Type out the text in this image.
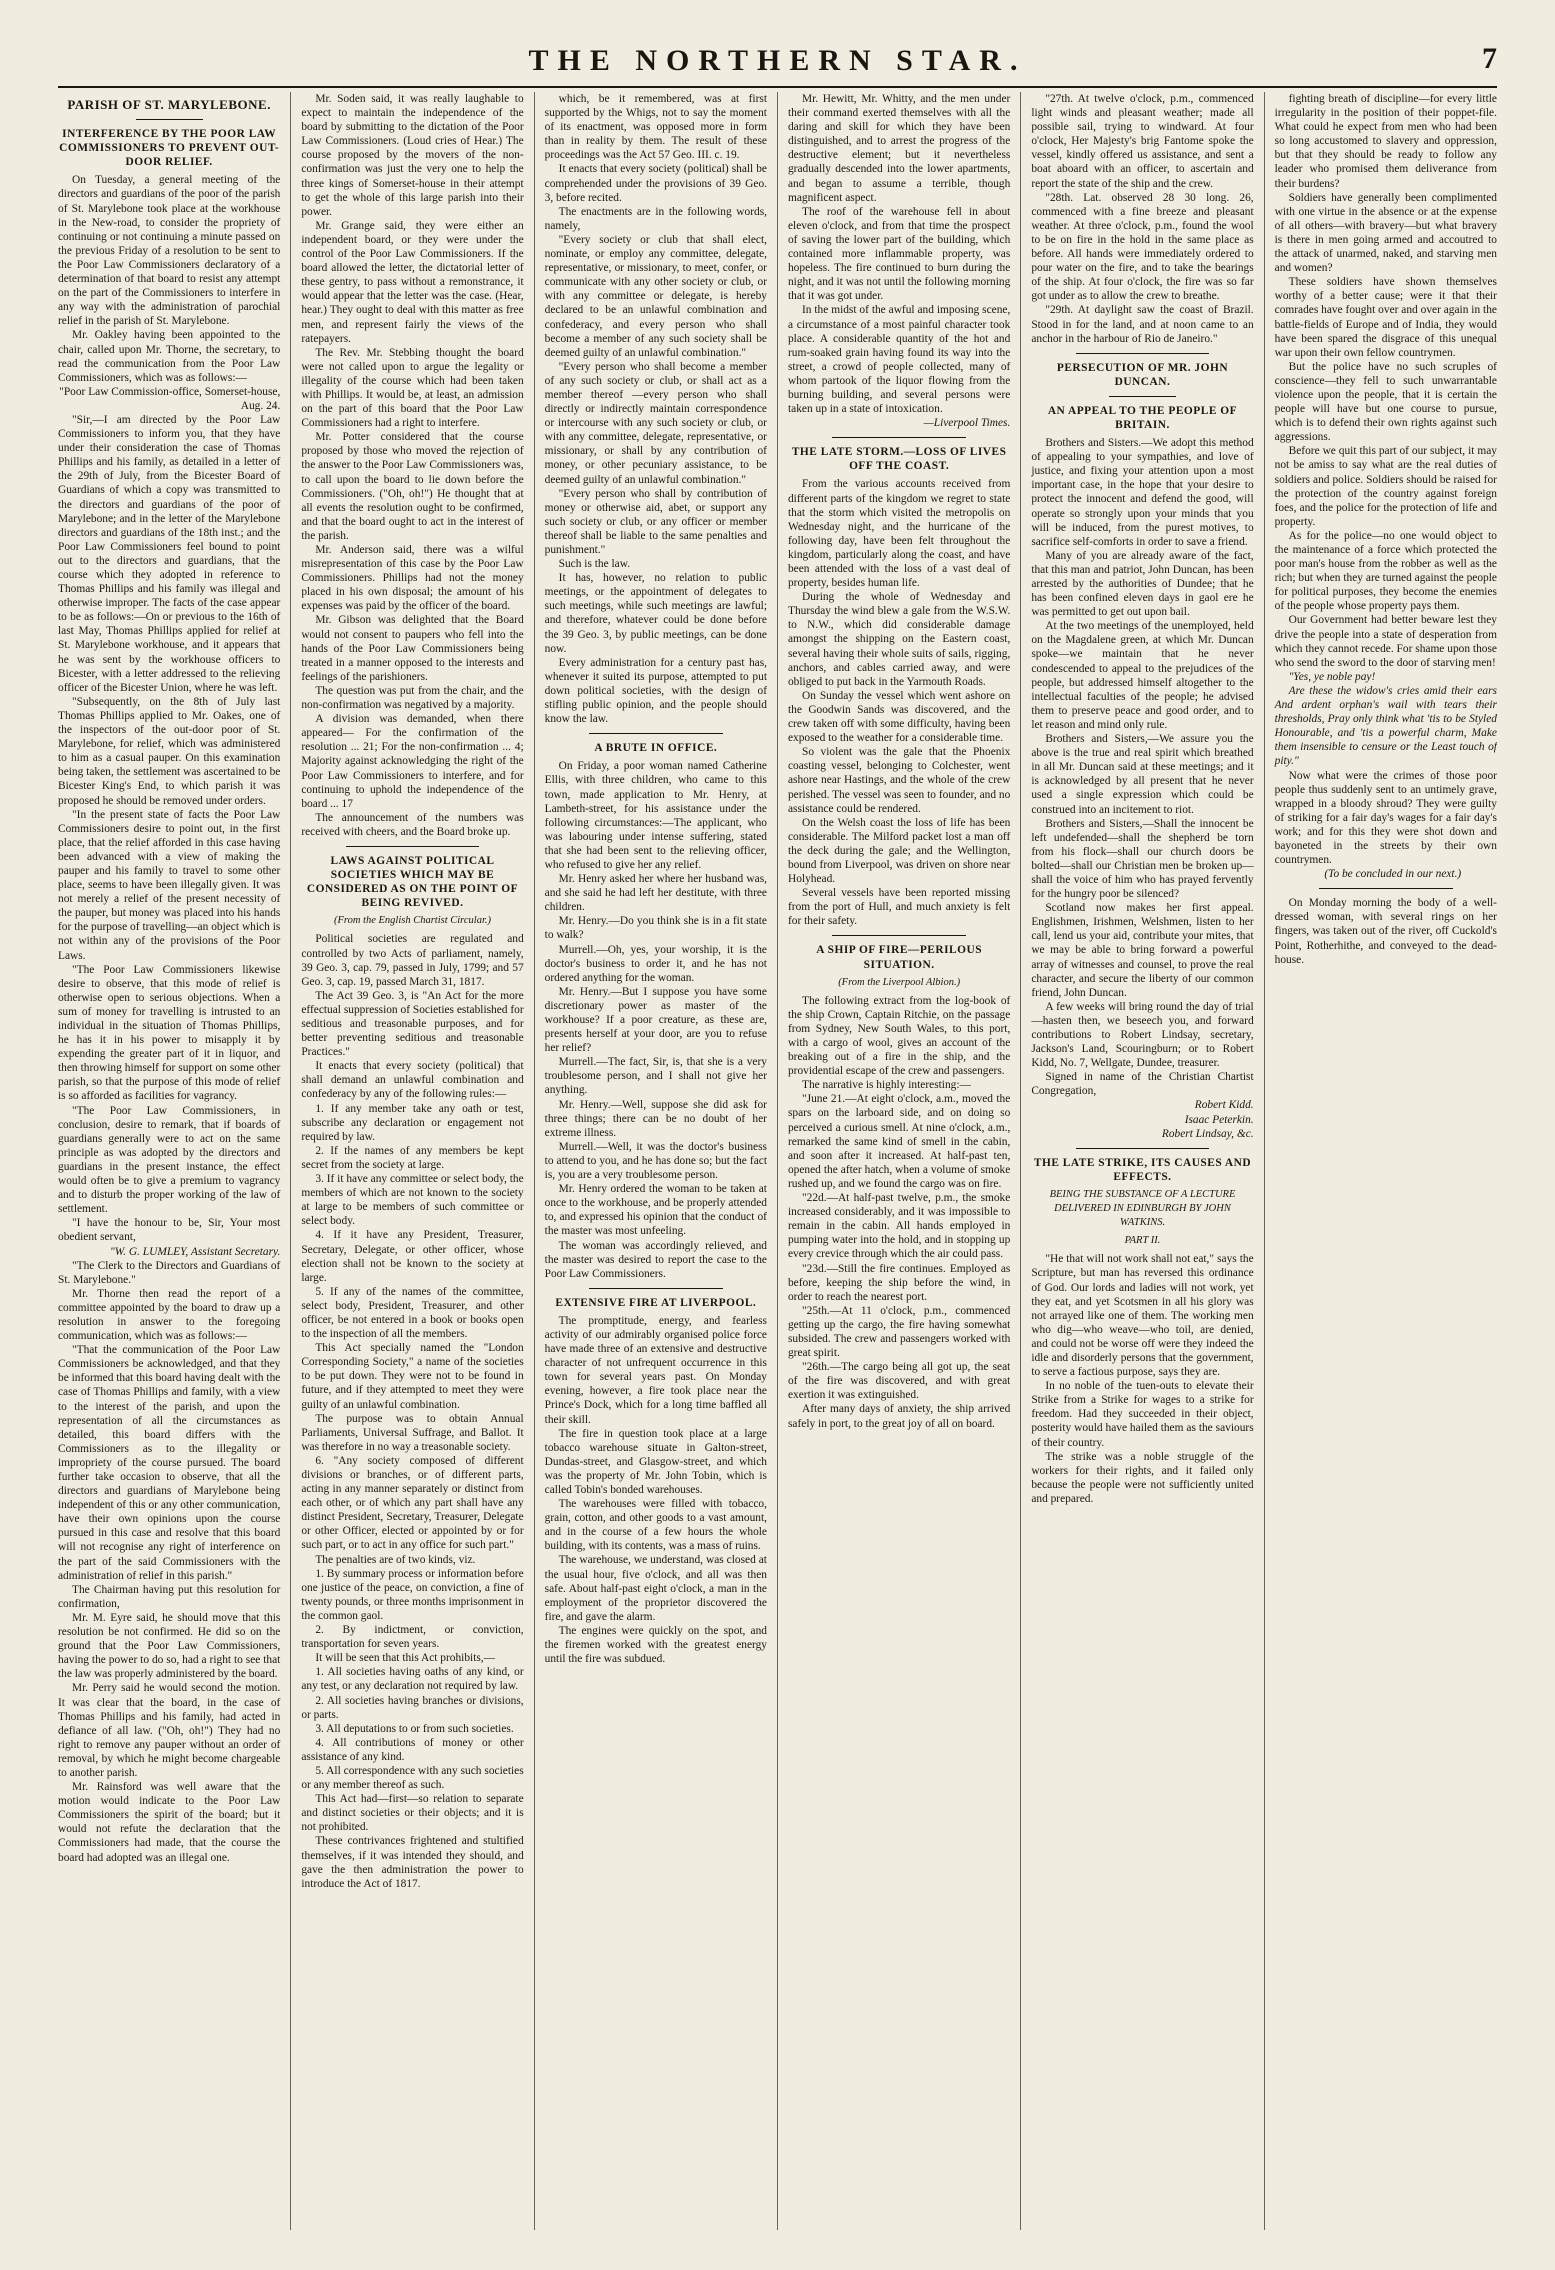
THE NORTHERN STAR.	7
PARISH OF ST. MARYLEBONE.
INTERFERENCE BY THE POOR LAW COMMISSIONERS TO PREVENT OUT-DOOR RELIEF.

On Tuesday, a general meeting of the directors and guardians of the poor of the parish of St. Marylebone took place at the workhouse in the New-road, to consider the propriety of continuing or not continuing a minute passed on the previous Friday of a resolution to be sent to the Poor Law Commissioners declaratory of a determination of that board to resist any attempt on the part of the Commissioners to interfere in any way with the administration of parochial relief in the parish of St. Marylebone.

Mr. Oakley having been appointed to the chair, called upon Mr. Thorne, the secretary, to read the communication from the Poor Law Commissioners, which was as follows:—

"Poor Law Commission-office, Somerset-house, Aug. 24.

"Sir,—I am directed by the Poor Law Commissioners to inform you, that they have under their consideration the case of Thomas Phillips and his family, as detailed in a letter of the 29th of July, from the Bicester Board of Guardians of which a copy was transmitted to the directors and guardians of the poor of Marylebone; and in the letter of the Marylebone directors and guardians of the 18th inst.; and the Poor Law Commissioners feel bound to point out to the directors and guardians, that the course which they adopted in reference to Thomas Phillips and his family was illegal and otherwise improper. The facts of the case appear to be as follows:—On or previous to the 16th of last May, Thomas Phillips applied for relief at St. Marylebone workhouse, and it appears that he was sent by the workhouse officers to Bicester, with a letter addressed to the relieving officer of the Bicester Union, where he was left.

"Subsequently, on the 8th of July last Thomas Phillips applied to Mr. Oakes, one of the inspectors of the out-door poor of St. Marylebone, for relief, which was administered to him as a casual pauper. On this examination being taken, the settlement was ascertained to be Bicester King's End, to which parish it was proposed he should be removed under orders.

"In the present state of facts the Poor Law Commissioners desire to point out, in the first place, that the relief afforded in this case having been advanced with a view of making the pauper and his family to travel to some other place, seems to have been illegally given. It was not merely a relief of the present necessity of the pauper, but money was placed into his hands for the purpose of travelling—an object which is not within any of the provisions of the Poor Laws.

"The Poor Law Commissioners likewise desire to observe, that this mode of relief is otherwise open to serious objections. When a sum of money for travelling is intrusted to an individual in the situation of Thomas Phillips, he has it in his power to misapply it by expending the greater part of it in liquor, and then throwing himself for support on some other parish, so that the purpose of this mode of relief is so afforded as facilities for vagrancy.

"The Poor Law Commissioners, in conclusion, desire to remark, that if boards of guardians generally were to act on the same principle as was adopted by the directors and guardians in the present instance, the effect would often be to give a premium to vagrancy and to disturb the proper working of the law of settlement.

"I have the honour to be, Sir, Your most obedient servant,

"W. G. LUMLEY, Assistant Secretary.

"The Clerk to the Directors and Guardians of St. Marylebone."

Mr. Thorne then read the report of a committee appointed by the board to draw up a resolution in answer to the foregoing communication, which was as follows:—

"That the communication of the Poor Law Commissioners be acknowledged, and that they be informed that this board having dealt with the case of Thomas Phillips and family, with a view to the interest of the parish, and upon the representation of all the circumstances as detailed, this board differs with the Commissioners as to the illegality or impropriety of the course pursued. The board further take occasion to observe, that all the directors and guardians of Marylebone being independent of this or any other communication, have their own opinions upon the course pursued in this case and resolve that this board will not recognise any right of interference on the part of the said Commissioners with the administration of relief in this parish."

The Chairman having put this resolution for confirmation,

Mr. M. Eyre said, he should move that this resolution be not confirmed. He did so on the ground that the Poor Law Commissioners, having the power to do so, had a right to see that the law was properly administered by the board.

Mr. Perry said he would second the motion. It was clear that the board, in the case of Thomas Phillips and his family, had acted in defiance of all law. ("Oh, oh!") They had no right to remove any pauper without an order of removal, by which he might become chargeable to another parish.

Mr. Rainsford was well aware that the motion would indicate to the Poor Law Commissioners the spirit of the board; but it would not refute the declaration that the Commissioners had made, that the course the board had adopted was an illegal one.

Mr. Soden said, it was really laughable to expect to maintain the independence of the board by submitting to the dictation of the Poor Law Commissioners. (Loud cries of Hear.) The course proposed by the movers of the non-confirmation was just the very one to help the three kings of Somerset-house in their attempt to get the whole of this large parish into their power.

Mr. Grange said, they were either an independent board, or they were under the control of the Poor Law Commissioners. If the board allowed the letter, the dictatorial letter of these gentry, to pass without a remonstrance, it would appear that the letter was the case. (Hear, hear.) They ought to deal with this matter as free men, and represent fairly the views of the ratepayers.

The Rev. Mr. Stebbing thought the board were not called upon to argue the legality or illegality of the course which had been taken with Phillips. It would be, at least, an admission on the part of this board that the Poor Law Commissioners had a right to interfere.

Mr. Potter considered that the course proposed by those who moved the rejection of the answer to the Poor Law Commissioners was, to call upon the board to lie down before the Commissioners. ("Oh, oh!") He thought that at all events the resolution ought to be confirmed, and that the board ought to act in the interest of the parish.

Mr. Anderson said, there was a wilful misrepresentation of this case by the Poor Law Commissioners. Phillips had not the money placed in his own disposal; the amount of his expenses was paid by the officer of the board.

Mr. Gibson was delighted that the Board would not consent to paupers who fell into the hands of the Poor Law Commissioners being treated in a manner opposed to the interests and feelings of the parishioners.

The question was put from the chair, and the non-confirmation was negatived by a majority.

A division was demanded, when there appeared— For the confirmation of the resolution ... 21; For the non-confirmation ... 4; Majority against acknowledging the right of the Poor Law Commissioners to interfere, and for continuing to uphold the independence of the board ... 17

The announcement of the numbers was received with cheers, and the Board broke up.

LAWS AGAINST POLITICAL SOCIETIES WHICH MAY BE CONSIDERED AS ON THE POINT OF BEING REVIVED.
(From the English Chartist Circular.)

Political societies are regulated and controlled by two Acts of parliament, namely, 39 Geo. 3, cap. 79, passed in July, 1799; and 57 Geo. 3, cap. 19, passed March 31, 1817.

The Act 39 Geo. 3, is "An Act for the more effectual suppression of Societies established for seditious and treasonable purposes, and for better preventing seditious and treasonable Practices."

It enacts that every society (political) that shall demand an unlawful combination and confederacy by any of the following rules:—

1. If any member take any oath or test, subscribe any declaration or engagement not required by law.

2. If the names of any members be kept secret from the society at large.

3. If it have any committee or select body, the members of which are not known to the society at large to be members of such committee or select body.

4. If it have any President, Treasurer, Secretary, Delegate, or other officer, whose election shall not be known to the society at large.

5. If any of the names of the committee, select body, President, Treasurer, and other officer, be not entered in a book or books open to the inspection of all the members.

This Act specially named the "London Corresponding Society," a name of the societies to be put down. They were not to be found in future, and if they attempted to meet they were guilty of an unlawful combination.

The purpose was to obtain Annual Parliaments, Universal Suffrage, and Ballot. It was therefore in no way a treasonable society.

6. "Any society composed of different divisions or branches, or of different parts, acting in any manner separately or distinct from each other, or of which any part shall have any distinct President, Secretary, Treasurer, Delegate or other Officer, elected or appointed by or for such part, or to act in any office for such part."

The penalties are of two kinds, viz.

1. By summary process or information before one justice of the peace, on conviction, a fine of twenty pounds, or three months imprisonment in the common gaol.

2. By indictment, or conviction, transportation for seven years.

It will be seen that this Act prohibits,—

1. All societies having oaths of any kind, or any test, or any declaration not required by law.

2. All societies having branches or divisions, or parts.

3. All deputations to or from such societies.

4. All contributions of money or other assistance of any kind.

5. All correspondence with any such societies or any member thereof as such.

This Act had—first—so relation to separate and distinct societies or their objects; and it is not prohibited.

These contrivances frightened and stultified themselves, if it was intended they should, and gave the then administration the power to introduce the Act of 1817.

which, be it remembered, was at first supported by the Whigs, not to say the moment of its enactment, was opposed more in form than in reality by them. The result of these proceedings was the Act 57 Geo. III. c. 19.

It enacts that every society (political) shall be comprehended under the provisions of 39 Geo. 3, before recited.

The enactments are in the following words, namely,

"Every society or club that shall elect, nominate, or employ any committee, delegate, representative, or missionary, to meet, confer, or communicate with any other society or club, or with any committee or delegate, is hereby declared to be an unlawful combination and confederacy, and every person who shall become a member of any such society shall be deemed guilty of an unlawful combination."

"Every person who shall become a member of any such society or club, or shall act as a member thereof —every person who shall directly or indirectly maintain correspondence or intercourse with any such society or club, or with any committee, delegate, representative, or missionary, or shall by any contribution of money, or other pecuniary assistance, to be deemed guilty of an unlawful combination."

"Every person who shall by contribution of money or otherwise aid, abet, or support any such society or club, or any officer or member thereof shall be liable to the same penalties and punishment."

Such is the law.

It has, however, no relation to public meetings, or the appointment of delegates to such meetings, while such meetings are lawful; and therefore, whatever could be done before the 39 Geo. 3, by public meetings, can be done now.

Every administration for a century past has, whenever it suited its purpose, attempted to put down political societies, with the design of stifling public opinion, and the people should know the law.

A BRUTE IN OFFICE.

On Friday, a poor woman named Catherine Ellis, with three children, who came to this town, made application to Mr. Henry, at Lambeth-street, for his assistance under the following circumstances:—The applicant, who was labouring under intense suffering, stated that she had been sent to the relieving officer, who refused to give her any relief.

Mr. Henry asked her where her husband was, and she said he had left her destitute, with three children.

Mr. Henry.—Do you think she is in a fit state to walk?

Murrell.—Oh, yes, your worship, it is the doctor's business to order it, and he has not ordered anything for the woman.

Mr. Henry.—But I suppose you have some discretionary power as master of the workhouse? If a poor creature, as these are, presents herself at your door, are you to refuse her relief?

Murrell.—The fact, Sir, is, that she is a very troublesome person, and I shall not give her anything.

Mr. Henry.—Well, suppose she did ask for three things; there can be no doubt of her extreme illness.

Murrell.—Well, it was the doctor's business to attend to you, and he has done so; but the fact is, you are a very troublesome person.

Mr. Henry ordered the woman to be taken at once to the workhouse, and be properly attended to, and expressed his opinion that the conduct of the master was most unfeeling.

The woman was accordingly relieved, and the master was desired to report the case to the Poor Law Commissioners.

EXTENSIVE FIRE AT LIVERPOOL.

The promptitude, energy, and fearless activity of our admirably organised police force have made three of an extensive and destructive character of not unfrequent occurrence in this town for several years past. On Monday evening, however, a fire took place near the Prince's Dock, which for a long time baffled all their skill.

The fire in question took place at a large tobacco warehouse situate in Galton-street, Dundas-street, and Glasgow-street, and which was the property of Mr. John Tobin, which is called Tobin's bonded warehouses.

The warehouses were filled with tobacco, grain, cotton, and other goods to a vast amount, and in the course of a few hours the whole building, with its contents, was a mass of ruins.

The warehouse, we understand, was closed at the usual hour, five o'clock, and all was then safe. About half-past eight o'clock, a man in the employment of the proprietor discovered the fire, and gave the alarm.

The engines were quickly on the spot, and the firemen worked with the greatest energy until the fire was subdued.

Mr. Hewitt, Mr. Whitty, and the men under their command exerted themselves with all the daring and skill for which they have been distinguished, and to arrest the progress of the destructive element; but it nevertheless gradually descended into the lower apartments, and began to assume a terrible, though magnificent aspect.

The roof of the warehouse fell in about eleven o'clock, and from that time the prospect of saving the lower part of the building, which contained more inflammable property, was hopeless. The fire continued to burn during the night, and it was not until the following morning that it was got under.

In the midst of the awful and imposing scene, a circumstance of a most painful character took place. A considerable quantity of the hot and rum-soaked grain having found its way into the street, a crowd of people collected, many of whom partook of the liquor flowing from the burning building, and several persons were taken up in a state of intoxication.

—Liverpool Times.

THE LATE STORM.—LOSS OF LIVES OFF THE COAST.

From the various accounts received from different parts of the kingdom we regret to state that the storm which visited the metropolis on Wednesday night, and the hurricane of the following day, have been felt throughout the kingdom, particularly along the coast, and have been attended with the loss of a vast deal of property, besides human life.

During the whole of Wednesday and Thursday the wind blew a gale from the W.S.W. to N.W., which did considerable damage amongst the shipping on the Eastern coast, several having their whole suits of sails, rigging, anchors, and cables carried away, and were obliged to put back in the Yarmouth Roads.

On Sunday the vessel which went ashore on the Goodwin Sands was discovered, and the crew taken off with some difficulty, having been exposed to the weather for a considerable time.

So violent was the gale that the Phoenix coasting vessel, belonging to Colchester, went ashore near Hastings, and the whole of the crew perished. The vessel was seen to founder, and no assistance could be rendered.

On the Welsh coast the loss of life has been considerable. The Milford packet lost a man off the deck during the gale; and the Wellington, bound from Liverpool, was driven on shore near Holyhead.

Several vessels have been reported missing from the port of Hull, and much anxiety is felt for their safety.

A SHIP OF FIRE—PERILOUS SITUATION.
(From the Liverpool Albion.)

The following extract from the log-book of the ship Crown, Captain Ritchie, on the passage from Sydney, New South Wales, to this port, with a cargo of wool, gives an account of the breaking out of a fire in the ship, and the providential escape of the crew and passengers.

The narrative is highly interesting:—

"June 21.—At eight o'clock, a.m., moved the spars on the larboard side, and on doing so perceived a curious smell. At nine o'clock, a.m., remarked the same kind of smell in the cabin, and soon after it increased. At half-past ten, opened the after hatch, when a volume of smoke rushed up, and we found the cargo was on fire.

"22d.—At half-past twelve, p.m., the smoke increased considerably, and it was impossible to remain in the cabin. All hands employed in pumping water into the hold, and in stopping up every crevice through which the air could pass.

"23d.—Still the fire continues. Employed as before, keeping the ship before the wind, in order to reach the nearest port.

"25th.—At 11 o'clock, p.m., commenced getting up the cargo, the fire having somewhat subsided. The crew and passengers worked with great spirit.

"26th.—The cargo being all got up, the seat of the fire was discovered, and with great exertion it was extinguished.

After many days of anxiety, the ship arrived safely in port, to the great joy of all on board.

"27th. At twelve o'clock, p.m., commenced light winds and pleasant weather; made all possible sail, trying to windward. At four o'clock, Her Majesty's brig Fantome spoke the vessel, kindly offered us assistance, and sent a boat aboard with an officer, to ascertain and report the state of the ship and the crew.

"28th. Lat. observed 28 30 long. 26, commenced with a fine breeze and pleasant weather. At three o'clock, p.m., found the wool to be on fire in the hold in the same place as before. All hands were immediately ordered to pour water on the fire, and to take the bearings of the ship. At four o'clock, the fire was so far got under as to allow the crew to breathe.

"29th. At daylight saw the coast of Brazil. Stood in for the land, and at noon came to an anchor in the harbour of Rio de Janeiro."

PERSECUTION OF MR. JOHN DUNCAN.
AN APPEAL TO THE PEOPLE OF BRITAIN.

Brothers and Sisters.—We adopt this method of appealing to your sympathies, and love of justice, and fixing your attention upon a most important case, in the hope that your desire to protect the innocent and defend the good, will operate so strongly upon your minds that you will be induced, from the purest motives, to sacrifice self-comforts in order to save a friend.

Many of you are already aware of the fact, that this man and patriot, John Duncan, has been arrested by the authorities of Dundee; that he has been confined eleven days in gaol ere he was permitted to get out upon bail.

At the two meetings of the unemployed, held on the Magdalene green, at which Mr. Duncan spoke—we maintain that he never condescended to appeal to the prejudices of the people, but addressed himself altogether to the intellectual faculties of the people; he advised them to preserve peace and good order, and to let reason and mind only rule.

Brothers and Sisters,—We assure you the above is the true and real spirit which breathed in all Mr. Duncan said at these meetings; and it is acknowledged by all present that he never used a single expression which could be construed into an incitement to riot.

Brothers and Sisters,—Shall the innocent be left undefended—shall the shepherd be torn from his flock—shall our church doors be bolted—shall our Christian men be broken up—shall the voice of him who has prayed fervently for the hungry poor be silenced?

Scotland now makes her first appeal. Englishmen, Irishmen, Welshmen, listen to her call, lend us your aid, contribute your mites, that we may be able to bring forward a powerful array of witnesses and counsel, to prove the real character, and secure the liberty of our common friend, John Duncan.

A few weeks will bring round the day of trial—hasten then, we beseech you, and forward contributions to Robert Lindsay, secretary, Jackson's Land, Scouringburn; or to Robert Kidd, No. 7, Wellgate, Dundee, treasurer.

Signed in name of the Christian Chartist Congregation,

Robert Kidd.

Isaac Peterkin.

Robert Lindsay, &c.

THE LATE STRIKE, ITS CAUSES AND EFFECTS.
BEING THE SUBSTANCE OF A LECTURE DELIVERED IN EDINBURGH BY JOHN WATKINS.
PART II.

"He that will not work shall not eat," says the Scripture, but man has reversed this ordinance of God. Our lords and ladies will not work, yet they eat, and yet Scotsmen in all his glory was not arrayed like one of them. The working men who dig—who weave—who toil, are denied, and could not be worse off were they indeed the idle and disorderly persons that the government, to serve a factious purpose, says they are.

In no noble of the tuen-outs to elevate their Strike from a Strike for wages to a strike for freedom. Had they succeeded in their object, posterity would have hailed them as the saviours of their country.

The strike was a noble struggle of the workers for their rights, and it failed only because the people were not sufficiently united and prepared.

fighting breath of discipline—for every little irregularity in the position of their poppet-file. What could he expect from men who had been so long accustomed to slavery and oppression, but that they should be ready to follow any leader who promised them deliverance from their burdens?

Soldiers have generally been complimented with one virtue in the absence or at the expense of all others—with bravery—but what bravery is there in men going armed and accoutred to the attack of unarmed, naked, and starving men and women?

These soldiers have shown themselves worthy of a better cause; were it that their comrades have fought over and over again in the battle-fields of Europe and of India, they would have been spared the disgrace of this unequal war upon their own fellow countrymen.

But the police have no such scruples of conscience—they fell to such unwarrantable violence upon the people, that it is certain the people will have but one course to pursue, which is to defend their own rights against such aggressions.

Before we quit this part of our subject, it may not be amiss to say what are the real duties of soldiers and police. Soldiers should be raised for the protection of the country against foreign foes, and the police for the protection of life and property.

As for the police—no one would object to the maintenance of a force which protected the poor man's house from the robber as well as the rich; but when they are turned against the people for political purposes, they become the enemies of the people whose property pays them.

Our Government had better beware lest they drive the people into a state of desperation from which they cannot recede. For shame upon those who send the sword to the door of starving men!

"Yes, ye noble pay!

Are these the widow's cries amid their ears And ardent orphan's wail with tears their thresholds, Pray only think what 'tis to be Styled Honourable, and 'tis a powerful charm, Make them insensible to censure or the Least touch of pity."

Now what were the crimes of those poor people thus suddenly sent to an untimely grave, wrapped in a bloody shroud? They were guilty of striking for a fair day's wages for a fair day's work; and for this they were shot down and bayoneted in the streets by their own countrymen.

(To be concluded in our next.)

On Monday morning the body of a well-dressed woman, with several rings on her fingers, was taken out of the river, off Cuckold's Point, Rotherhithe, and conveyed to the dead-house.
